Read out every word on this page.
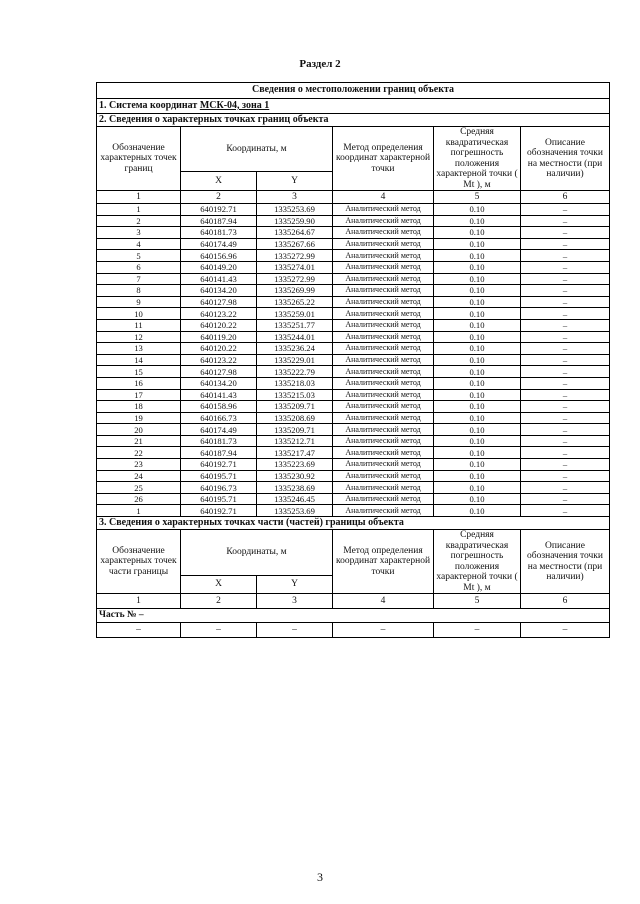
Раздел 2
Сведения о местоположении границ объекта					
1. Система координат МСК-04, зона 1					
2. Сведения о характерных точках границ объекта					
Обозначение характерных точек границ	Координаты, м		Метод определения координат характерной точки	Средняя квадратическая погрешность положения характерной точки ( Mt ), м	Описание обозначения точки на местности (при наличии)
	X	Y			
1	2	3	4	5	6
1	640192.71	1335253.69	Аналитический метод	0.10	–
2	640187.94	1335259.90	Аналитический метод	0.10	–
3	640181.73	1335264.67	Аналитический метод	0.10	–
4	640174.49	1335267.66	Аналитический метод	0.10	–
5	640156.96	1335272.99	Аналитический метод	0.10	–
6	640149.20	1335274.01	Аналитический метод	0.10	–
7	640141.43	1335272.99	Аналитический метод	0.10	–
8	640134.20	1335269.99	Аналитический метод	0.10	–
9	640127.98	1335265.22	Аналитический метод	0.10	–
10	640123.22	1335259.01	Аналитический метод	0.10	–
11	640120.22	1335251.77	Аналитический метод	0.10	–
12	640119.20	1335244.01	Аналитический метод	0.10	–
13	640120.22	1335236.24	Аналитический метод	0.10	–
14	640123.22	1335229.01	Аналитический метод	0.10	–
15	640127.98	1335222.79	Аналитический метод	0.10	–
16	640134.20	1335218.03	Аналитический метод	0.10	–
17	640141.43	1335215.03	Аналитический метод	0.10	–
18	640158.96	1335209.71	Аналитический метод	0.10	–
19	640166.73	1335208.69	Аналитический метод	0.10	–
20	640174.49	1335209.71	Аналитический метод	0.10	–
21	640181.73	1335212.71	Аналитический метод	0.10	–
22	640187.94	1335217.47	Аналитический метод	0.10	–
23	640192.71	1335223.69	Аналитический метод	0.10	–
24	640195.71	1335230.92	Аналитический метод	0.10	–
25	640196.73	1335238.69	Аналитический метод	0.10	–
26	640195.71	1335246.45	Аналитический метод	0.10	–
1	640192.71	1335253.69	Аналитический метод	0.10	–
3. Сведения о характерных точках части (частей) границы объекта					
Обозначение характерных точек части границы	Координаты, м		Метод определения координат характерной точки	Средняя квадратическая погрешность положения характерной точки ( Mt ), м	Описание обозначения точки на местности (при наличии)
	X	Y			
1	2	3	4	5	6
Часть № –					
–	–	–	–	–	–
3
